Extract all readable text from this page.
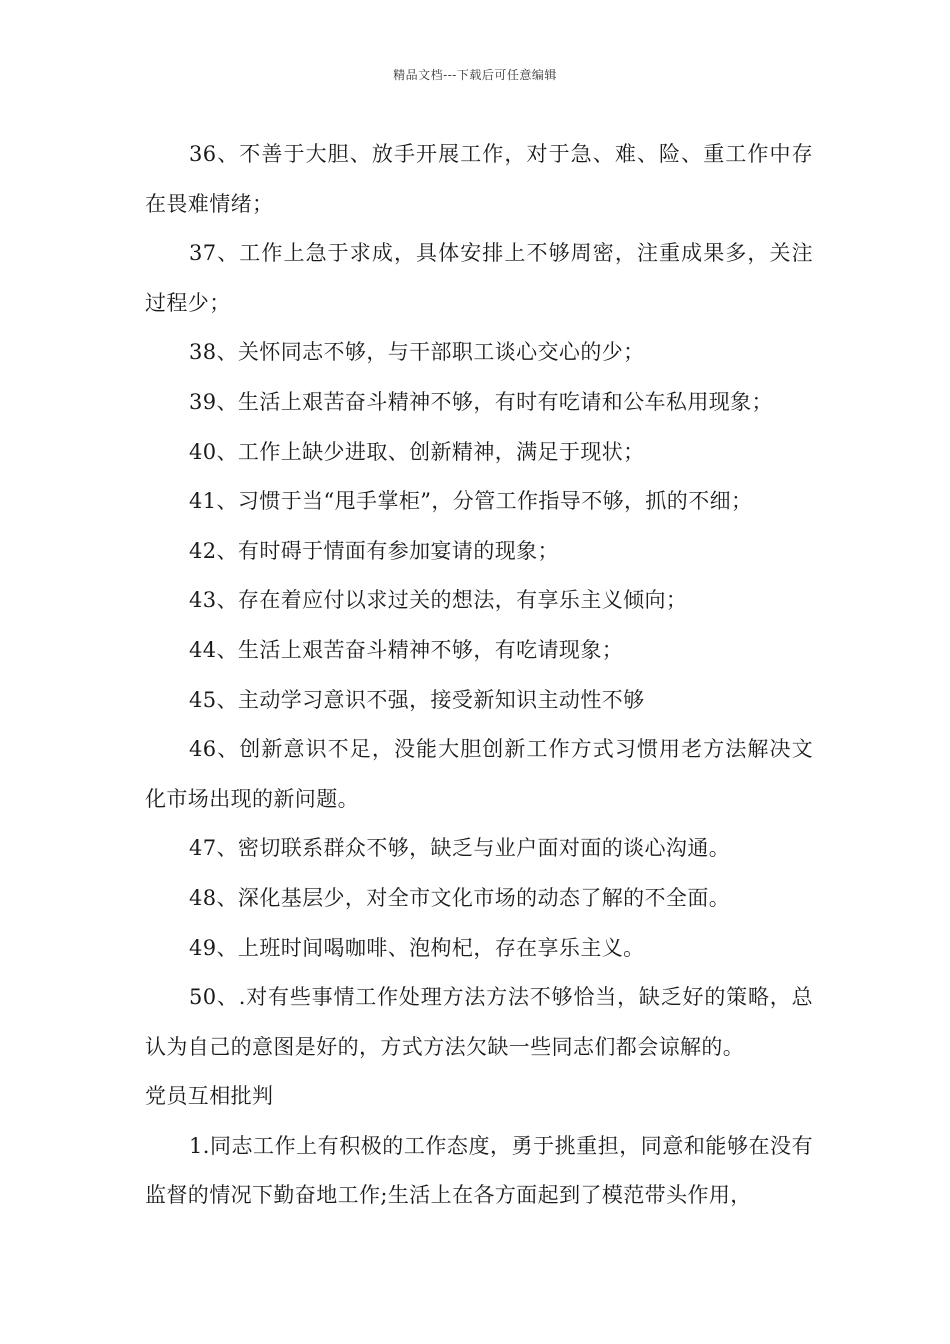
精品文档---下载后可任意编辑

36、不善于大胆、放手开展工作，对于急、难、险、重工作中存在畏难情绪；

37、工作上急于求成，具体安排上不够周密，注重成果多，关注过程少；

38、关怀同志不够，与干部职工谈心交心的少；

39、生活上艰苦奋斗精神不够，有时有吃请和公车私用现象；

40、工作上缺少进取、创新精神，满足于现状；

41、习惯于当“甩手掌柜”，分管工作指导不够，抓的不细；

42、有时碍于情面有参加宴请的现象；

43、存在着应付以求过关的想法，有享乐主义倾向；

44、生活上艰苦奋斗精神不够，有吃请现象；

45、主动学习意识不强，接受新知识主动性不够

46、创新意识不足，没能大胆创新工作方式习惯用老方法解决文化市场出现的新问题。

47、密切联系群众不够，缺乏与业户面对面的谈心沟通。

48、深化基层少，对全市文化市场的动态了解的不全面。

49、上班时间喝咖啡、泡枸杞，存在享乐主义。

50、.对有些事情工作处理方法方法不够恰当，缺乏好的策略，总认为自己的意图是好的，方式方法欠缺一些同志们都会谅解的。

党员互相批判

1.同志工作上有积极的工作态度，勇于挑重担，同意和能够在没有监督的情况下勤奋地工作;生活上在各方面起到了模范带头作用，
